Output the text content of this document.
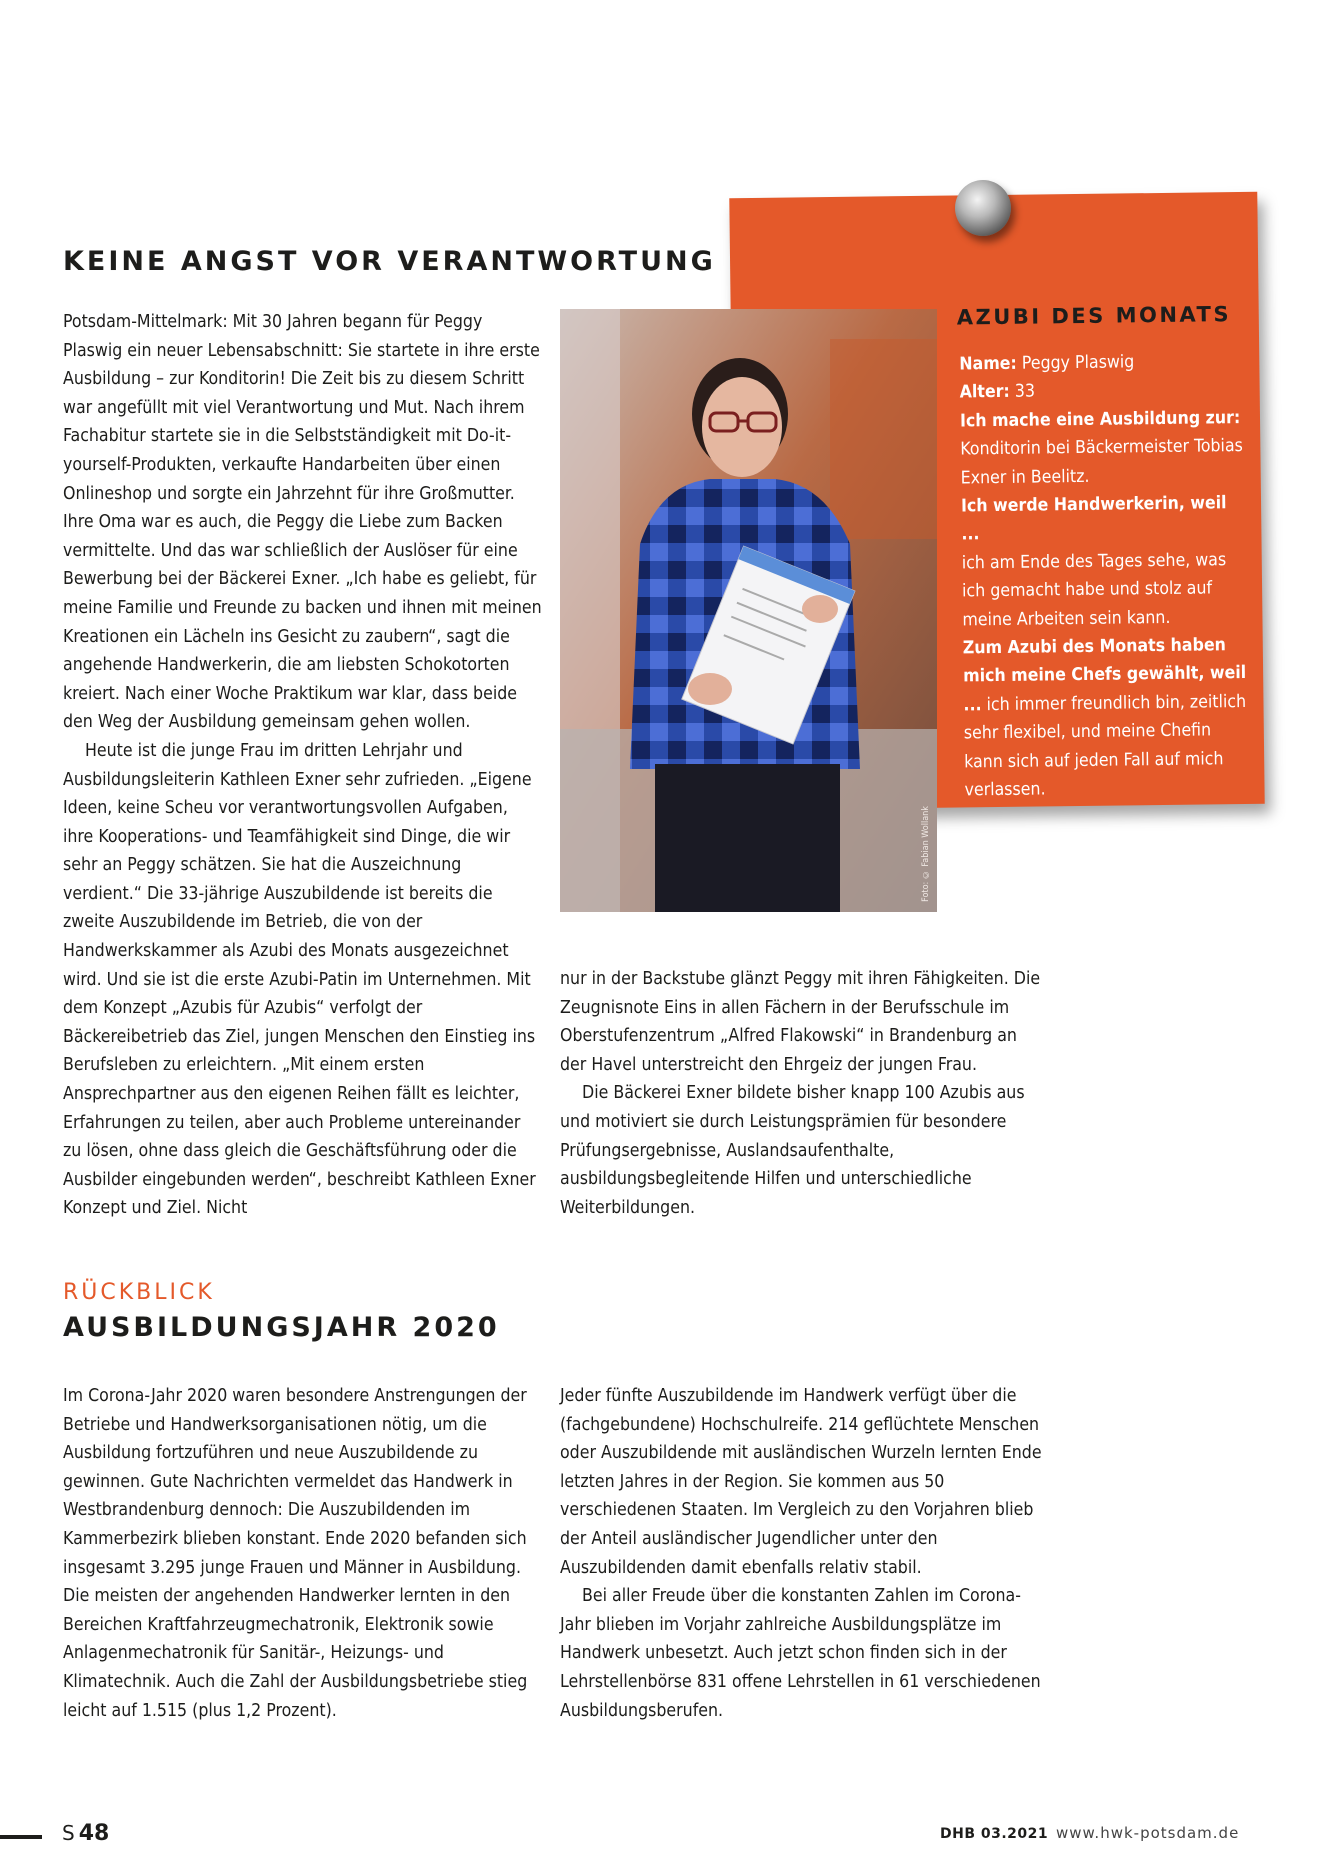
KEINE ANGST VOR VERANTWORTUNG
Potsdam-Mittelmark: Mit 30 Jahren begann für Peggy Plaswig ein neuer Lebensabschnitt: Sie startete in ihre erste Ausbildung – zur Konditorin! Die Zeit bis zu diesem Schritt war angefüllt mit viel Verantwortung und Mut. Nach ihrem Fachabitur startete sie in die Selbstständigkeit mit Do-it-yourself-Produkten, verkaufte Handarbeiten über einen Onlineshop und sorgte ein Jahrzehnt für ihre Großmutter. Ihre Oma war es auch, die Peggy die Liebe zum Backen vermittelte. Und das war schließlich der Auslöser für eine Bewerbung bei der Bäckerei Exner. „Ich habe es geliebt, für meine Familie und Freunde zu backen und ihnen mit meinen Kreationen ein Lächeln ins Gesicht zu zaubern“, sagt die angehende Handwerkerin, die am liebsten Schokotorten kreiert. Nach einer Woche Praktikum war klar, dass beide den Weg der Ausbildung gemeinsam gehen wollen.
Heute ist die junge Frau im dritten Lehrjahr und Ausbildungsleiterin Kathleen Exner sehr zufrieden. „Eigene Ideen, keine Scheu vor verantwortungsvollen Aufgaben, ihre Kooperations- und Teamfähigkeit sind Dinge, die wir sehr an Peggy schätzen. Sie hat die Auszeichnung verdient.“ Die 33-jährige Auszubildende ist bereits die zweite Auszubildende im Betrieb, die von der Handwerkskammer als Azubi des Monats ausgezeichnet wird. Und sie ist die erste Azubi-Patin im Unternehmen. Mit dem Konzept „Azubis für Azubis“ verfolgt der Bäckereibetrieb das Ziel, jungen Menschen den Einstieg ins Berufsleben zu erleichtern. „Mit einem ersten Ansprechpartner aus den eigenen Reihen fällt es leichter, Erfahrungen zu teilen, aber auch Probleme untereinander zu lösen, ohne dass gleich die Geschäftsführung oder die Ausbilder eingebunden werden“, beschreibt Kathleen Exner Konzept und Ziel. Nicht
AZUBI DES MONATS
Name: Peggy Plaswig
Alter: 33
Ich mache eine Ausbildung zur:
Konditorin bei Bäckermeister Tobias Exner in Beelitz.
Ich werde Handwerkerin, weil ...
ich am Ende des Tages sehe, was ich gemacht habe und stolz auf meine Arbeiten sein kann.
Zum Azubi des Monats haben mich meine Chefs gewählt, weil ... ich immer freundlich bin, zeitlich sehr flexibel, und meine Chefin kann sich auf jeden Fall auf mich verlassen.
Foto: © Fabian Wollank
nur in der Backstube glänzt Peggy mit ihren Fähigkeiten. Die Zeugnisnote Eins in allen Fächern in der Berufsschule im Oberstufenzentrum „Alfred Flakowski“ in Brandenburg an der Havel unterstreicht den Ehrgeiz der jungen Frau.
Die Bäckerei Exner bildete bisher knapp 100 Azubis aus und motiviert sie durch Leistungsprämien für besondere Prüfungsergebnisse, Auslandsaufenthalte, ausbildungsbegleitende Hilfen und unterschiedliche Weiterbildungen.
RÜCKBLICK
AUSBILDUNGSJAHR 2020
Im Corona-Jahr 2020 waren besondere Anstrengungen der Betriebe und Handwerksorganisationen nötig, um die Ausbildung fortzuführen und neue Auszubildende zu gewinnen. Gute Nachrichten vermeldet das Handwerk in Westbrandenburg dennoch: Die Auszubildenden im Kammerbezirk blieben konstant. Ende 2020 befanden sich insgesamt 3.295 junge Frauen und Männer in Ausbildung. Die meisten der angehenden Handwerker lernten in den Bereichen Kraftfahrzeugmechatronik, Elektronik sowie Anlagenmechatronik für Sanitär-, Heizungs- und Klimatechnik. Auch die Zahl der Ausbildungsbetriebe stieg leicht auf 1.515 (plus 1,2 Prozent).
Jeder fünfte Auszubildende im Handwerk verfügt über die (fachgebundene) Hochschulreife. 214 geflüchtete Menschen oder Auszubildende mit ausländischen Wurzeln lernten Ende letzten Jahres in der Region. Sie kommen aus 50 verschiedenen Staaten. Im Vergleich zu den Vorjahren blieb der Anteil ausländischer Jugendlicher unter den Auszubildenden damit ebenfalls relativ stabil.
Bei aller Freude über die konstanten Zahlen im Corona-Jahr blieben im Vorjahr zahlreiche Ausbildungsplätze im Handwerk unbesetzt. Auch jetzt schon finden sich in der Lehrstellenbörse 831 offene Lehrstellen in 61 verschiedenen Ausbildungsberufen.
S 48	DHB 03.2021 www.hwk-potsdam.de
